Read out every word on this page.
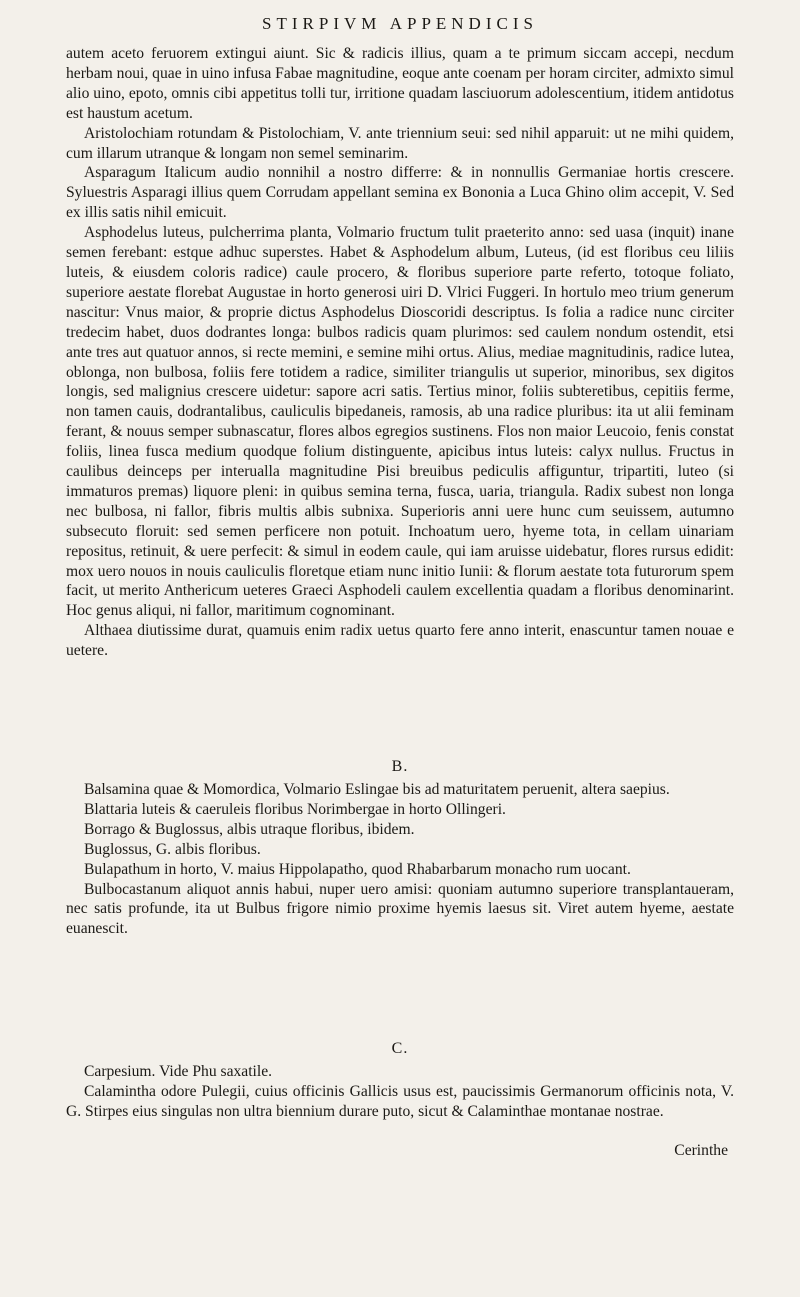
STIRPIVM APPENDICIS

autem aceto feruorem extingui aiunt. Sic & radicis illius, quam a te primum siccam accepi, necdum herbam noui, quae in uino infusa Fabae magnitudine, eoque ante coenam per horam circiter, admixto simul alio uino, epoto, omnis cibi appetitus tolli tur, irritione quadam lasciuorum adolescentium, itidem antidotus est haustum acetum.

Aristolochiam rotundam & Pistolochiam, V. ante triennium seui: sed nihil apparuit: ut ne mihi quidem, cum illarum utranque & longam non semel seminarim.

Asparagum Italicum audio nonnihil a nostro differre: & in nonnullis Germaniae hortis crescere. Syluestris Asparagi illius quem Corrudam appellant semina ex Bononia a Luca Ghino olim accepit, V. Sed ex illis satis nihil emicuit.

Asphodelus luteus, pulcherrima planta, Volmario fructum tulit praeterito anno: sed uasa (inquit) inane semen ferebant: estque adhuc superstes. Habet & Asphodelum album, Luteus, (id est floribus ceu liliis luteis, & eiusdem coloris radice) caule procero, & floribus superiore parte referto, totoque foliato, superiore aestate florebat Augustae in horto generosi uiri D. Vlrici Fuggeri. In hortulo meo trium generum nascitur: Vnus maior, & proprie dictus Asphodelus Dioscoridi descriptus. Is folia a radice nunc circiter tredecim habet, duos dodrantes longa: bulbos radicis quam plurimos: sed caulem nondum ostendit, etsi ante tres aut quatuor annos, si recte memini, e semine mihi ortus. Alius, mediae magnitudinis, radice lutea, oblonga, non bulbosa, foliis fere totidem a radice, similiter triangulis ut superior, minoribus, sex digitos longis, sed malignius crescere uidetur: sapore acri satis. Tertius minor, foliis subteretibus, cepitiis ferme, non tamen cauis, dodrantalibus, cauliculis bipedaneis, ramosis, ab una radice pluribus: ita ut alii feminam ferant, & nouus semper subnascatur, flores albos egregios sustinens. Flos non maior Leucoio, fenis constat foliis, linea fusca medium quodque folium distinguente, apicibus intus luteis: calyx nullus. Fructus in caulibus deinceps per interualla magnitudine Pisi breuibus pediculis affiguntur, tripartiti, luteo (si immaturos premas) liquore pleni: in quibus semina terna, fusca, uaria, triangula. Radix subest non longa nec bulbosa, ni fallor, fibris multis albis subnixa. Superioris anni uere hunc cum seuissem, autumno subsecuto floruit: sed semen perficere non potuit. Inchoatum uero, hyeme tota, in cellam uinariam repositus, retinuit, & uere perfecit: & simul in eodem caule, qui iam aruisse uidebatur, flores rursus edidit: mox uero nouos in nouis cauliculis floretque etiam nunc initio Iunii: & florum aestate tota futurorum spem facit, ut merito Anthericum ueteres Graeci Asphodeli caulem excellentia quadam a floribus denominarint. Hoc genus aliqui, ni fallor, maritimum cognominant.

Althaea diutissime durat, quamuis enim radix uetus quarto fere anno interit, enascuntur tamen nouae e uetere.

B.

Balsamina quae & Momordica, Volmario Eslingae bis ad maturitatem peruenit, altera saepius.

Blattaria luteis & caeruleis floribus Norimbergae in horto Ollingeri.

Borrago & Buglossus, albis utraque floribus, ibidem.

Buglossus, G. albis floribus.

Bulapathum in horto, V. maius Hippolapatho, quod Rhabarbarum monacho rum uocant.

Bulbocastanum aliquot annis habui, nuper uero amisi: quoniam autumno superiore transplantaueram, nec satis profunde, ita ut Bulbus frigore nimio proxime hyemis laesus sit. Viret autem hyeme, aestate euanescit.

C.

Carpesium. Vide Phu saxatile.

Calamintha odore Pulegii, cuius officinis Gallicis usus est, paucissimis Germanorum officinis nota, V. G. Stirpes eius singulas non ultra biennium durare puto, sicut & Calaminthae montanae nostrae.

Cerinthe
